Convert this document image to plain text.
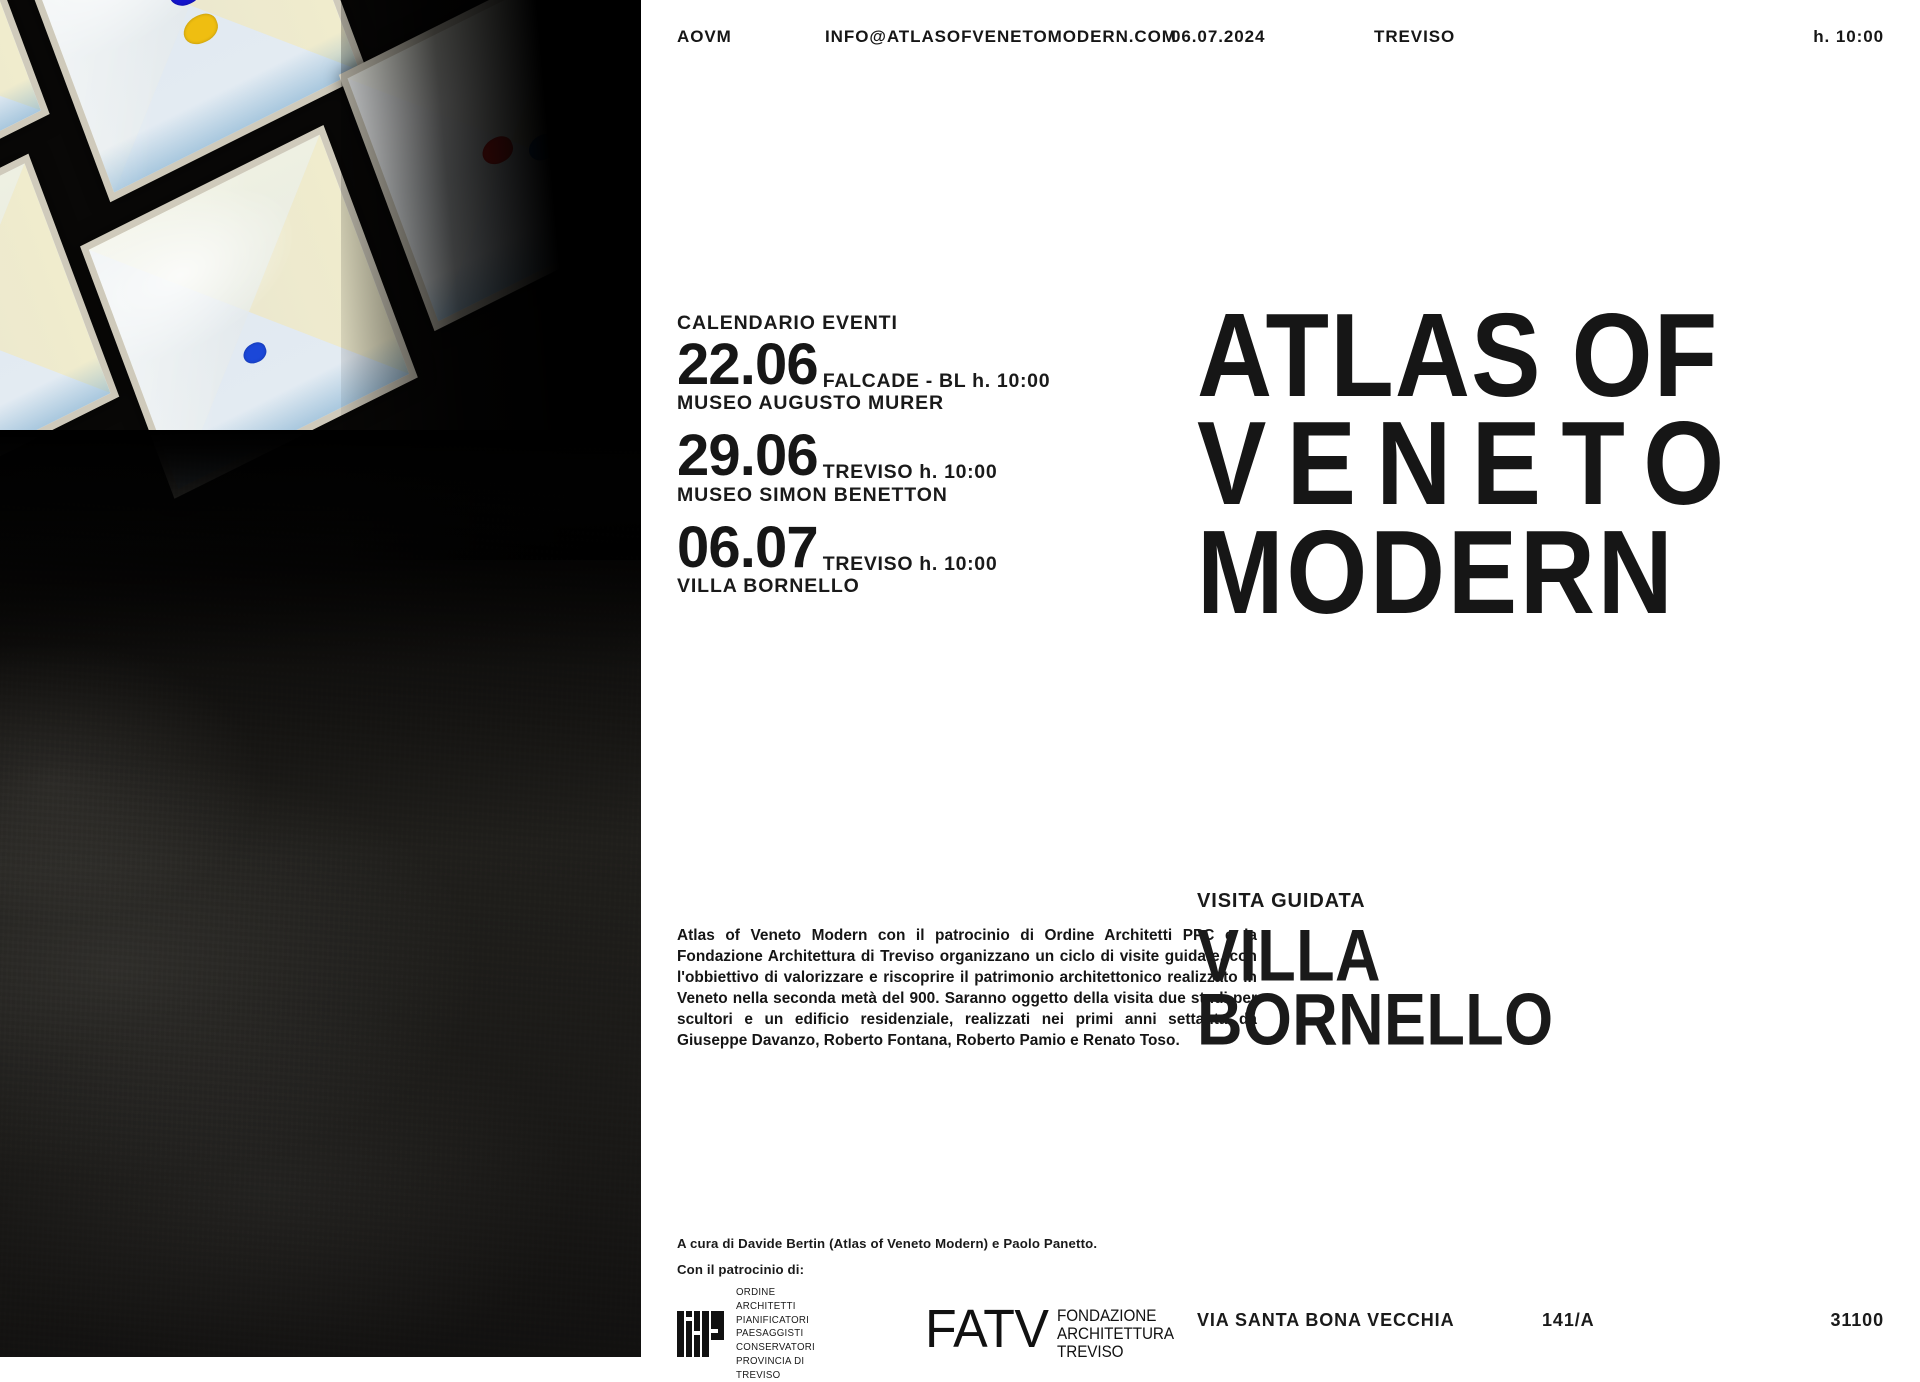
AOVM	INFO@ATLASOFVENETOMODERN.COM
06.07.2024	TREVISO	h. 10:00
CALENDARIO EVENTI
22.06 FALCADE - BL h. 10:00
MUSEO AUGUSTO MURER
29.06 TREVISO h. 10:00
MUSEO SIMON BENETTON
06.07 TREVISO h. 10:00
VILLA BORNELLO

Atlas of Veneto Modern con il patrocinio di Ordine Architetti PPC e la Fondazione Architettura di Treviso organizzano un ciclo di visite guidate, con l'obbiettivo di valorizzare e riscoprire il patrimonio architettonico realizzato in Veneto nella seconda metà del 900. Saranno oggetto della visita due studi per scultori e un edificio residenziale, realizzati nei primi anni settanta da Giuseppe Davanzo, Roberto Fontana, Roberto Pamio e Renato Toso.

A cura di Davide Bertin (Atlas of Veneto Modern) e Paolo Panetto.
Con il patrocinio di:
ORDINE ARCHITETTI PIANIFICATORI PAESAGGISTI
CONSERVATORI PROVINCIA DI TREVISO
FATV FONDAZIONE
ARCHITETTURA
TREVISO
ATLAS OF
VENETO
MODERN
VISITA GUIDATA
VILLA
BORNELLO
VIA SANTA BONA VECCHIA	141/A	31100
